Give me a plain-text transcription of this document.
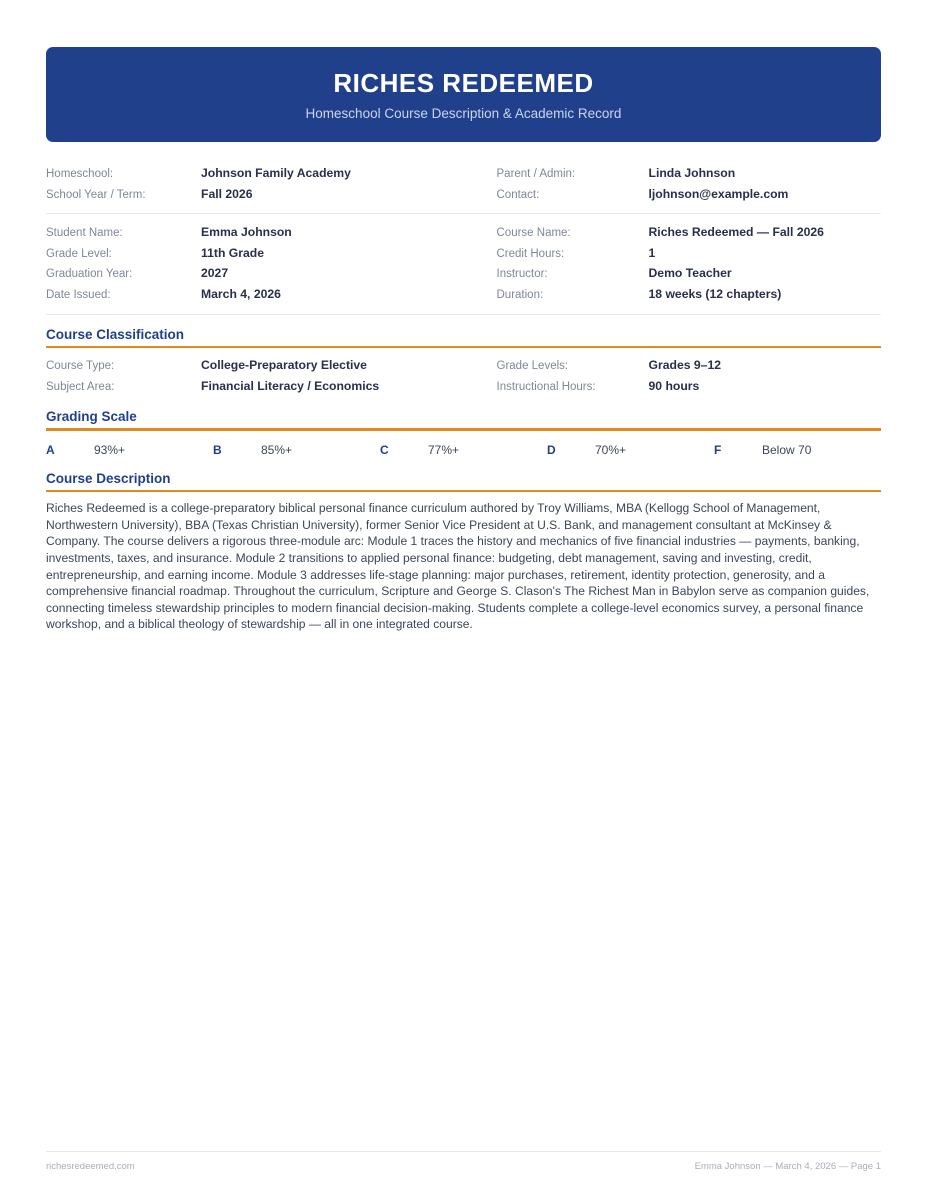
RICHES REDEEMED
Homeschool Course Description & Academic Record
Homeschool:	Johnson Family Academy
School Year / Term:	Fall 2026
Parent / Admin:	Linda Johnson
Contact:	ljohnson@example.com
Student Name:	Emma Johnson
Grade Level:	11th Grade
Graduation Year:	2027
Date Issued:	March 4, 2026
Course Name:	Riches Redeemed — Fall 2026
Credit Hours:	1
Instructor:	Demo Teacher
Duration:	18 weeks (12 chapters)
Course Classification
Course Type:	College-Preparatory Elective
Subject Area:	Financial Literacy / Economics
Grade Levels:	Grades 9–12
Instructional Hours:	90 hours
Grading Scale
A	93%+	B	85%+	C	77%+	D	70%+	F	Below 70
Course Description

Riches Redeemed is a college-preparatory biblical personal finance curriculum authored by Troy Williams, MBA (Kellogg School of Management, Northwestern University), BBA (Texas Christian University), former Senior Vice President at U.S. Bank, and management consultant at McKinsey & Company. The course delivers a rigorous three-module arc: Module 1 traces the history and mechanics of five financial industries — payments, banking, investments, taxes, and insurance. Module 2 transitions to applied personal finance: budgeting, debt management, saving and investing, credit, entrepreneurship, and earning income. Module 3 addresses life-stage planning: major purchases, retirement, identity protection, generosity, and a comprehensive financial roadmap. Throughout the curriculum, Scripture and George S. Clason's The Richest Man in Babylon serve as companion guides, connecting timeless stewardship principles to modern financial decision-making. Students complete a college-level economics survey, a personal finance workshop, and a biblical theology of stewardship — all in one integrated course.

richesredeemed.com	Emma Johnson — March 4, 2026 — Page 1
